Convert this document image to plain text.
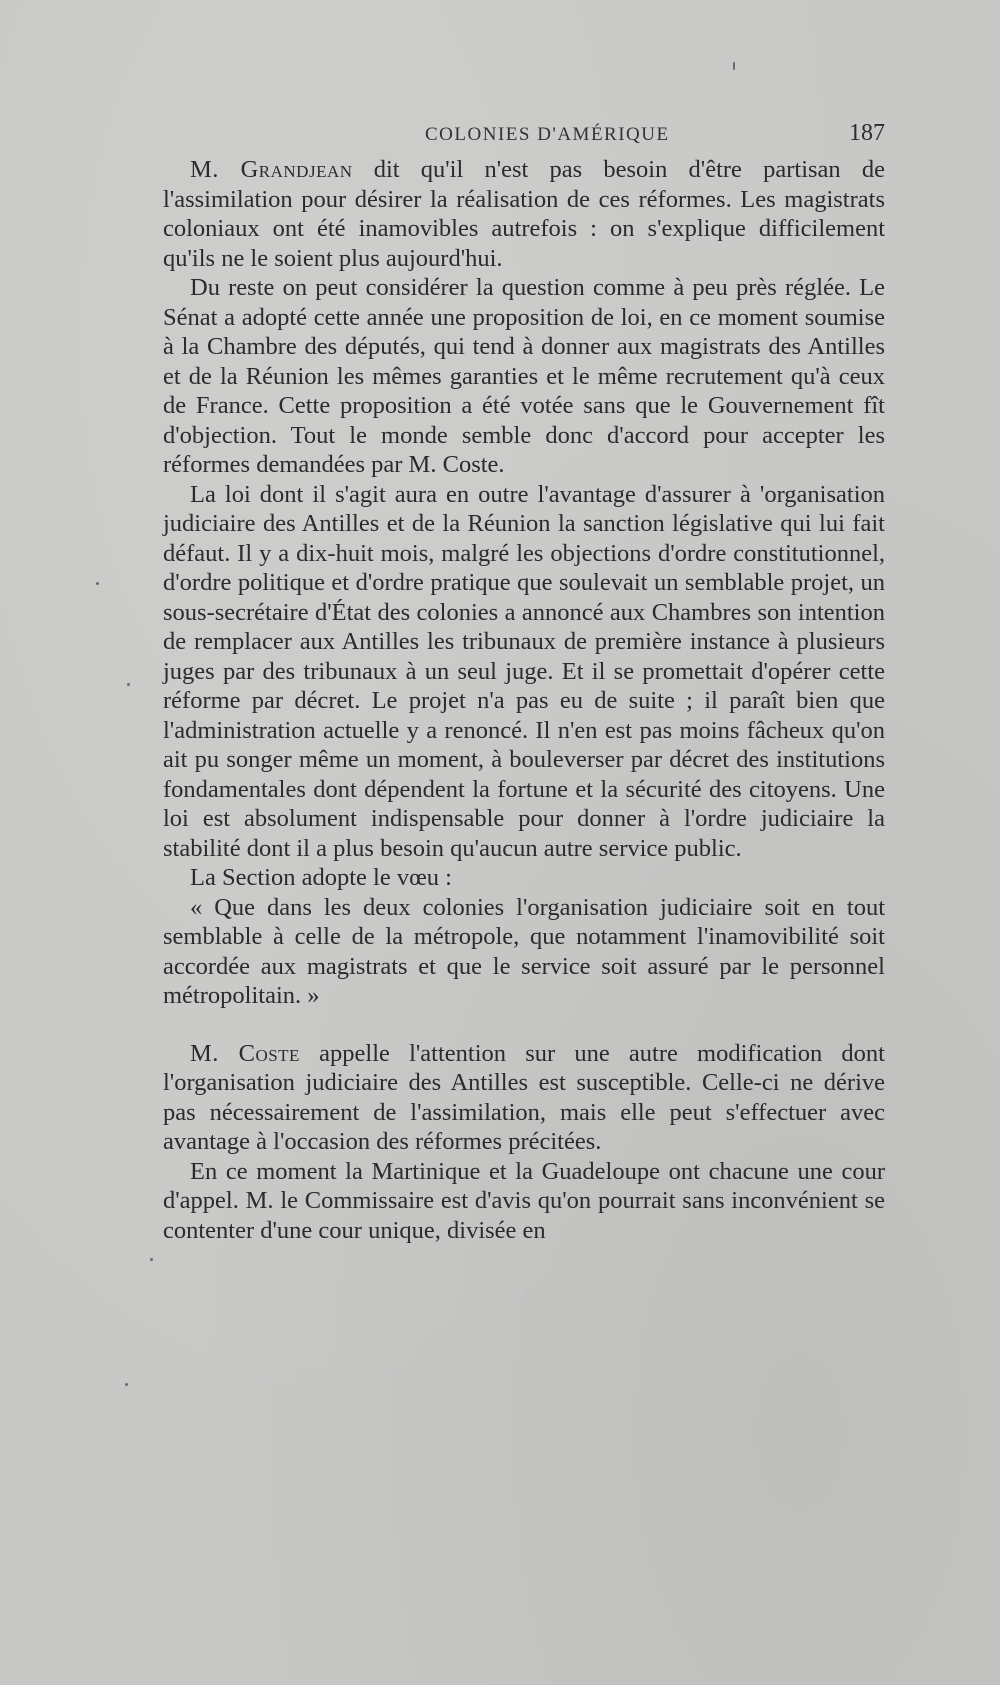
COLONIES D'AMÉRIQUE	187

M. Grandjean dit qu'il n'est pas besoin d'être partisan de l'assimilation pour désirer la réalisation de ces réformes. Les magistrats coloniaux ont été inamovibles autrefois : on s'explique difficilement qu'ils ne le soient plus aujourd'hui.

Du reste on peut considérer la question comme à peu près réglée. Le Sénat a adopté cette année une proposition de loi, en ce moment soumise à la Chambre des députés, qui tend à donner aux magistrats des Antilles et de la Réunion les mêmes garanties et le même recrutement qu'à ceux de France. Cette proposition a été votée sans que le Gouvernement fît d'objection. Tout le monde semble donc d'accord pour accepter les réformes demandées par M. Coste.

La loi dont il s'agit aura en outre l'avantage d'assurer à 'organisation judiciaire des Antilles et de la Réunion la sanction législative qui lui fait défaut. Il y a dix-huit mois, malgré les objections d'ordre constitutionnel, d'ordre politique et d'ordre pratique que soulevait un semblable projet, un sous-secrétaire d'État des colonies a annoncé aux Chambres son intention de remplacer aux Antilles les tribunaux de première instance à plusieurs juges par des tribunaux à un seul juge. Et il se promettait d'opérer cette réforme par décret. Le projet n'a pas eu de suite ; il paraît bien que l'administration actuelle y a renoncé. Il n'en est pas moins fâcheux qu'on ait pu songer même un moment, à bouleverser par décret des institutions fondamentales dont dépendent la fortune et la sécurité des citoyens. Une loi est absolument indispensable pour donner à l'ordre judiciaire la stabilité dont il a plus besoin qu'aucun autre service public.

La Section adopte le vœu :

« Que dans les deux colonies l'organisation judiciaire soit en tout semblable à celle de la métropole, que notamment l'inamovibilité soit accordée aux magistrats et que le service soit assuré par le personnel métropolitain. »

M. Coste appelle l'attention sur une autre modification dont l'organisation judiciaire des Antilles est susceptible. Celle-ci ne dérive pas nécessairement de l'assimilation, mais elle peut s'effectuer avec avantage à l'occasion des réformes précitées.

En ce moment la Martinique et la Guadeloupe ont chacune une cour d'appel. M. le Commissaire est d'avis qu'on pourrait sans inconvénient se contenter d'une cour unique, divisée en
